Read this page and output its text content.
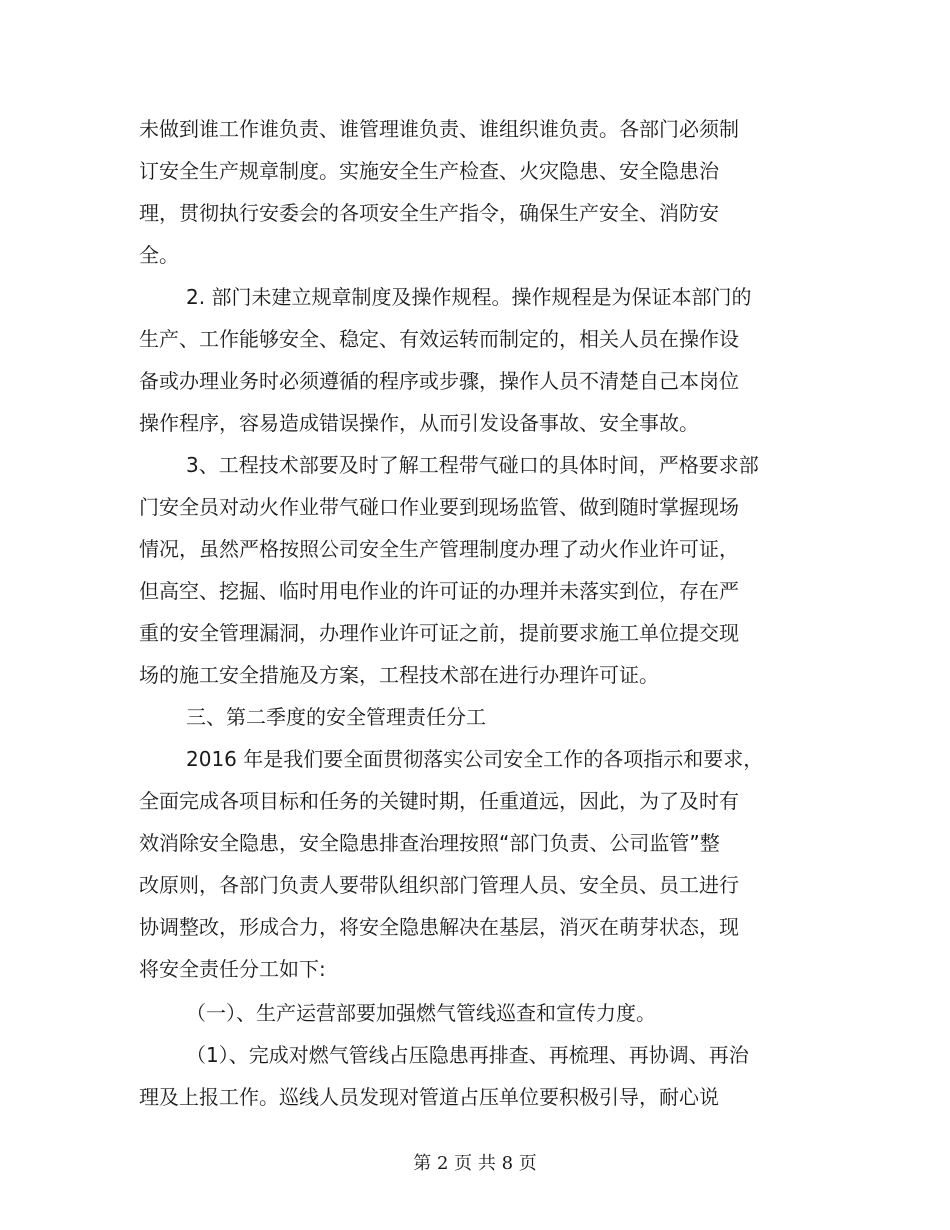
未做到谁工作谁负责、谁管理谁负责、谁组织谁负责。各部门必须制
订安全生产规章制度。实施安全生产检查、火灾隐患、安全隐患治
理，贯彻执行安委会的各项安全生产指令，确保生产安全、消防安
全。
2. 部门未建立规章制度及操作规程。操作规程是为保证本部门的
生产、工作能够安全、稳定、有效运转而制定的，相关人员在操作设
备或办理业务时必须遵循的程序或步骤，操作人员不清楚自己本岗位
操作程序，容易造成错误操作，从而引发设备事故、安全事故。
3、工程技术部要及时了解工程带气碰口的具体时间，严格要求部
门安全员对动火作业带气碰口作业要到现场监管、做到随时掌握现场
情况，虽然严格按照公司安全生产管理制度办理了动火作业许可证，
但高空、挖掘、临时用电作业的许可证的办理并未落实到位，存在严
重的安全管理漏洞，办理作业许可证之前，提前要求施工单位提交现
场的施工安全措施及方案，工程技术部在进行办理许可证。
三、第二季度的安全管理责任分工
2016 年是我们要全面贯彻落实公司安全工作的各项指示和要求，
全面完成各项目标和任务的关键时期，任重道远，因此，为了及时有
效消除安全隐患，安全隐患排查治理按照“部门负责、公司监管”整
改原则，各部门负责人要带队组织部门管理人员、安全员、员工进行
协调整改，形成合力，将安全隐患解决在基层，消灭在萌芽状态，现
将安全责任分工如下:
（一）、生产运营部要加强燃气管线巡查和宣传力度。
（1）、完成对燃气管线占压隐患再排查、再梳理、再协调、再治
理及上报工作。巡线人员发现对管道占压单位要积极引导，耐心说
第 2 页 共 8 页
